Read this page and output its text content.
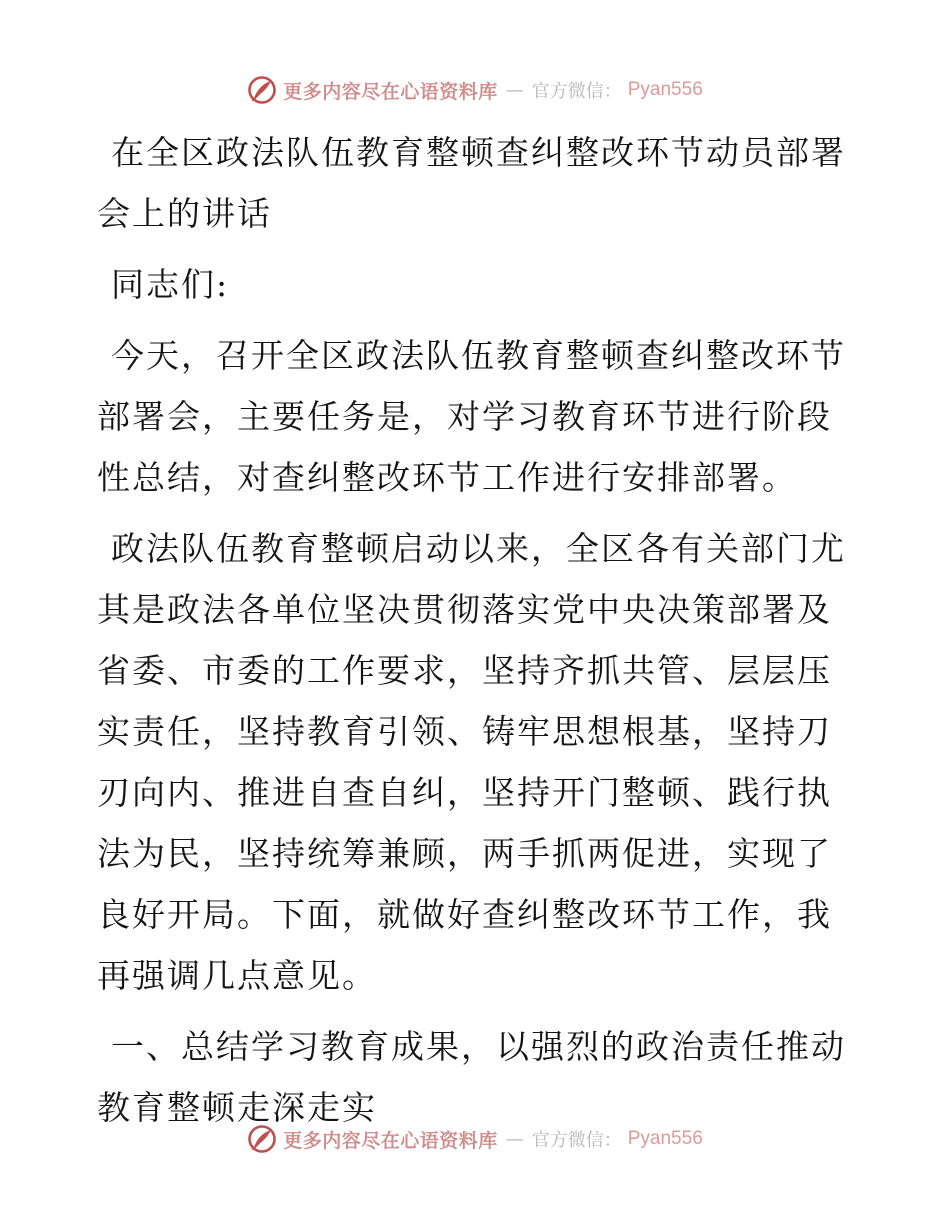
更多内容尽在心语资料库 — 官方微信： Pyan556

在全区政法队伍教育整顿查纠整改环节动员部署会上的讲话

同志们:

今天，召开全区政法队伍教育整顿查纠整改环节部署会，主要任务是，对学习教育环节进行阶段性总结，对查纠整改环节工作进行安排部署。

政法队伍教育整顿启动以来，全区各有关部门尤其是政法各单位坚决贯彻落实党中央决策部署及省委、市委的工作要求，坚持齐抓共管、层层压实责任，坚持教育引领、铸牢思想根基，坚持刀刃向内、推进自查自纠，坚持开门整顿、践行执法为民，坚持统筹兼顾，两手抓两促进，实现了良好开局。下面，就做好查纠整改环节工作，我再强调几点意见。

一、总结学习教育成果，以强烈的政治责任推动教育整顿走深走实

更多内容尽在心语资料库 — 官方微信： Pyan556
